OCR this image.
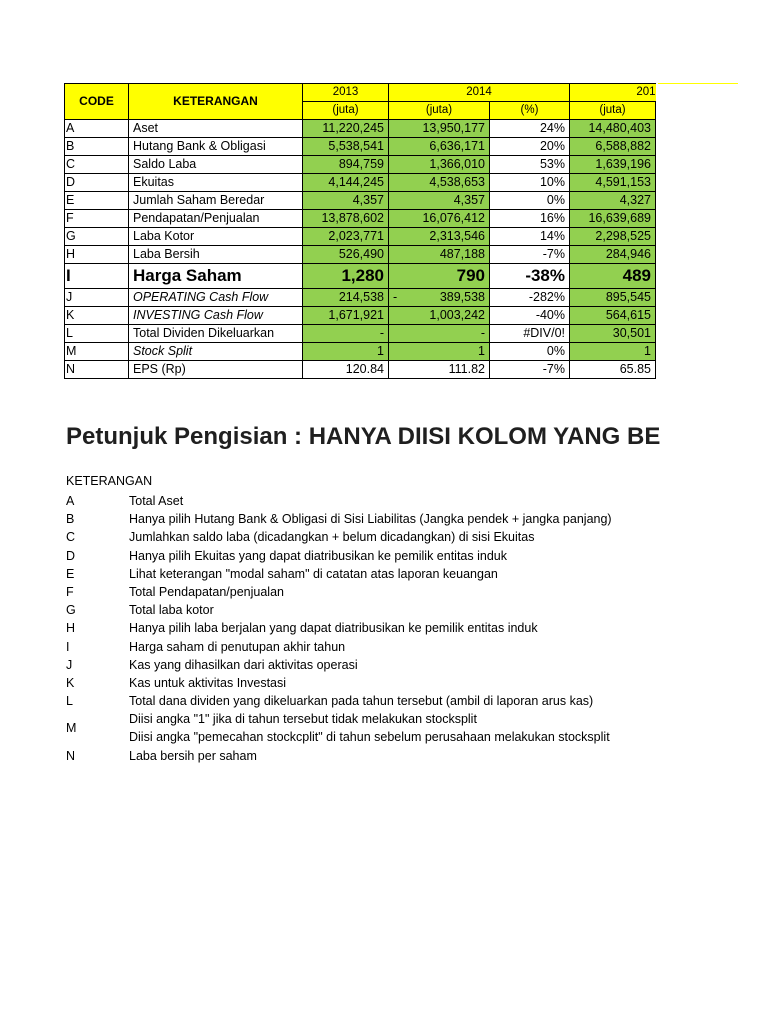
CODE	KETERANGAN	2013	2014		201	
		(juta)	(juta)	(%)	(juta)	
A	Aset	11,220,245	13,950,177	24%	14,480,403	
B	Hutang Bank & Obligasi	5,538,541	6,636,171	20%	6,588,882	
C	Saldo Laba	894,759	1,366,010	53%	1,639,196	
D	Ekuitas	4,144,245	4,538,653	10%	4,591,153	
E	Jumlah Saham Beredar	4,357	4,357	0%	4,327	
F	Pendapatan/Penjualan	13,878,602	16,076,412	16%	16,639,689	
G	Laba Kotor	2,023,771	2,313,546	14%	2,298,525	
H	Laba Bersih	526,490	487,188	-7%	284,946	
I	Harga Saham	1,280	790	-38%	489	
J	OPERATING Cash Flow	214,538	- 389,538	-282%	895,545	
K	INVESTING Cash Flow	1,671,921	1,003,242	-40%	564,615	
L	Total Dividen Dikeluarkan	-	-	#DIV/0!	30,501	
M	Stock Split	1	1	0%	1	
N	EPS (Rp)	120.84	111.82	-7%	65.85	
Petunjuk Pengisian : HANYA DIISI KOLOM YANG BE
KETERANGAN
A	Total Aset
B	Hanya pilih Hutang Bank & Obligasi di Sisi Liabilitas (Jangka pendek + jangka panjang)
C	Jumlahkan saldo laba (dicadangkan + belum dicadangkan) di sisi Ekuitas
D	Hanya pilih Ekuitas yang dapat diatribusikan ke pemilik entitas induk
E	Lihat keterangan "modal saham" di catatan atas laporan keuangan
F	Total Pendapatan/penjualan
G	Total laba kotor
H	Hanya pilih laba berjalan yang dapat diatribusikan ke pemilik entitas induk
I	Harga saham di penutupan akhir tahun
J	Kas yang dihasilkan dari aktivitas operasi
K	Kas untuk aktivitas Investasi
L	Total dana dividen yang dikeluarkan pada tahun tersebut (ambil di laporan arus kas)
M
Diisi angka "1" jika di tahun tersebut tidak melakukan stocksplit
Diisi angka "pemecahan stockcplit" di tahun sebelum perusahaan melakukan stocksplit
N	Laba bersih per saham
